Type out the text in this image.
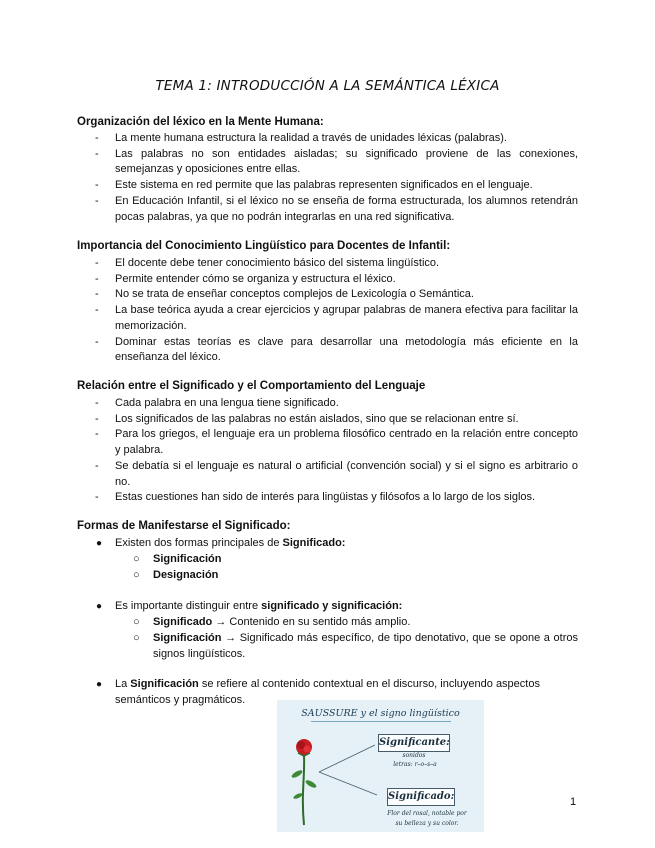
TEMA 1: INTRODUCCIÓN A LA SEMÁNTICA LÉXICA
Organización del léxico en la Mente Humana:
- La mente humana estructura la realidad a través de unidades léxicas (palabras).
- Las palabras no son entidades aisladas; su significado proviene de las conexiones, semejanzas y oposiciones entre ellas.
- Este sistema en red permite que las palabras representen significados en el lenguaje.
- En Educación Infantil, si el léxico no se enseña de forma estructurada, los alumnos retendrán pocas palabras, ya que no podrán integrarlas en una red significativa.
Importancia del Conocimiento Lingüístico para Docentes de Infantil:
- El docente debe tener conocimiento básico del sistema lingüístico.
- Permite entender cómo se organiza y estructura el léxico.
- No se trata de enseñar conceptos complejos de Lexicología o Semántica.
- La base teórica ayuda a crear ejercicios y agrupar palabras de manera efectiva para facilitar la memorización.
- Dominar estas teorías es clave para desarrollar una metodología más eficiente en la enseñanza del léxico.
Relación entre el Significado y el Comportamiento del Lenguaje
- Cada palabra en una lengua tiene significado.
- Los significados de las palabras no están aislados, sino que se relacionan entre sí.
- Para los griegos, el lenguaje era un problema filosófico centrado en la relación entre concepto y palabra.
- Se debatía si el lenguaje es natural o artificial (convención social) y si el signo es arbitrario o no.
- Estas cuestiones han sido de interés para lingüistas y filósofos a lo largo de los siglos.
Formas de Manifestarse el Significado:
●	Existen dos formas principales de Significado:
○	Significación
○	Designación
●	Es importante distinguir entre significado y significación:
○	Significado → Contenido en su sentido más amplio.
○	Significación → Significado más específico, de tipo denotativo, que se opone a otros signos lingüísticos.
●	La Significación se refiere al contenido contextual en el discurso, incluyendo aspectos semánticos y pragmáticos.
SAUSSURE y el signo lingüístico
Significante:
sonidos
letras: r–o–s–a
Significado:
Flor del rosal, notable por
su belleza y su color.
1
